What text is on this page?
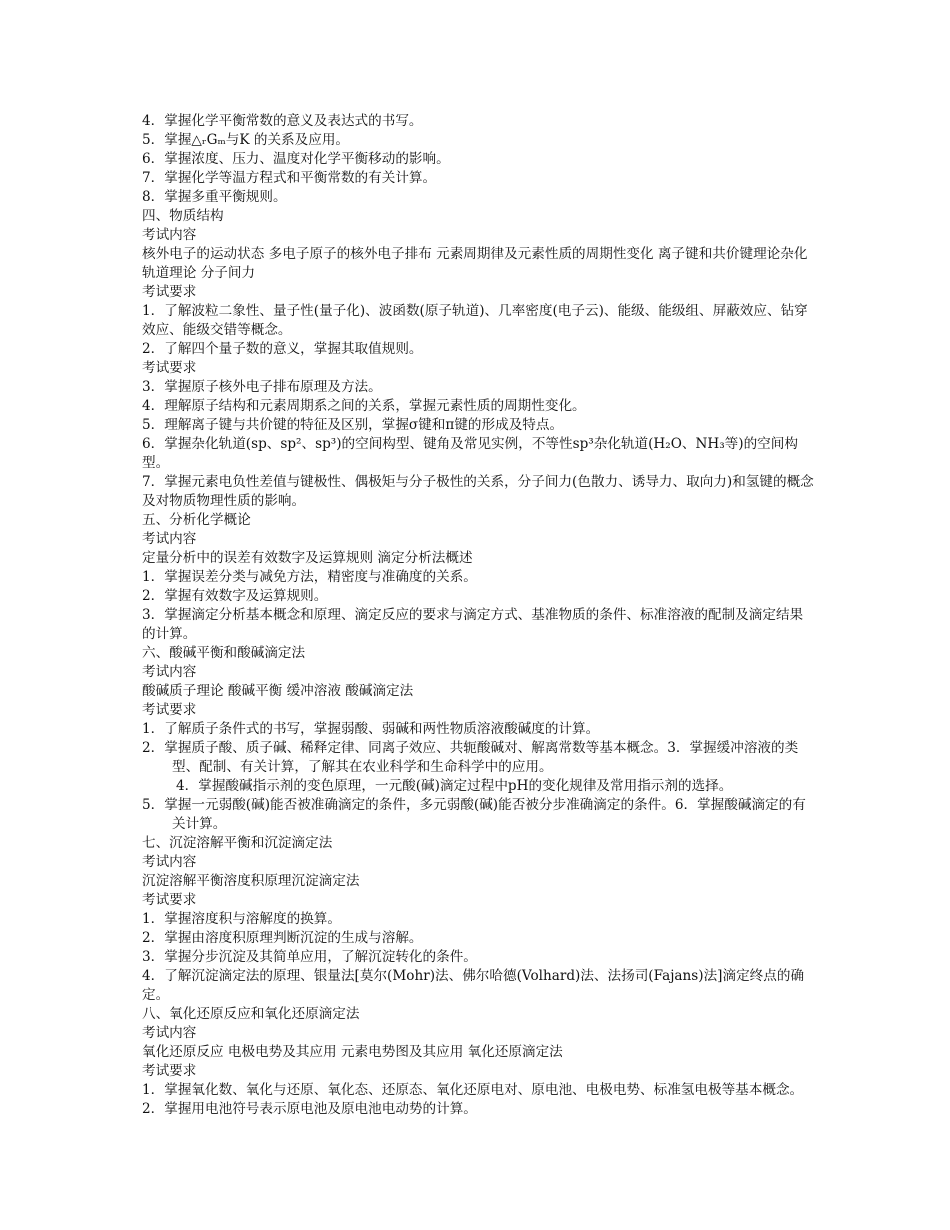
4．掌握化学平衡常数的意义及表达式的书写。
5．掌握△ᵣGₘ与K 的关系及应用。
6．掌握浓度、压力、温度对化学平衡移动的影响。
7．掌握化学等温方程式和平衡常数的有关计算。
8．掌握多重平衡规则。
四、物质结构
考试内容
核外电子的运动状态 多电子原子的核外电子排布 元素周期律及元素性质的周期性变化 离子键和共价键理论杂化轨道理论 分子间力
考试要求
1．了解波粒二象性、量子性(量子化)、波函数(原子轨道)、几率密度(电子云)、能级、能级组、屏蔽效应、钻穿效应、能级交错等概念。
2．了解四个量子数的意义，掌握其取值规则。
考试要求
3．掌握原子核外电子排布原理及方法。
4．理解原子结构和元素周期系之间的关系，掌握元素性质的周期性变化。
5．理解离子键与共价键的特征及区别，掌握σ键和π键的形成及特点。
6．掌握杂化轨道(sp、sp²、sp³)的空间构型、键角及常见实例，不等性sp³杂化轨道(H₂O、NH₃等)的空间构型。
7．掌握元素电负性差值与键极性、偶极矩与分子极性的关系，分子间力(色散力、诱导力、取向力)和氢键的概念及对物质物理性质的影响。
五、分析化学概论
考试内容
定量分析中的误差有效数字及运算规则 滴定分析法概述
1．掌握误差分类与减免方法，精密度与准确度的关系。
2．掌握有效数字及运算规则。
3．掌握滴定分析基本概念和原理、滴定反应的要求与滴定方式、基准物质的条件、标准溶液的配制及滴定结果的计算。
六、酸碱平衡和酸碱滴定法
考试内容
酸碱质子理论 酸碱平衡 缓冲溶液 酸碱滴定法
考试要求
1．了解质子条件式的书写，掌握弱酸、弱碱和两性物质溶液酸碱度的计算。
2．掌握质子酸、质子碱、稀释定律、同离子效应、共轭酸碱对、解离常数等基本概念。3．掌握缓冲溶液的类型、配制、有关计算，了解其在农业科学和生命科学中的应用。
4．掌握酸碱指示剂的变色原理，一元酸(碱)滴定过程中pH的变化规律及常用指示剂的选择。
5．掌握一元弱酸(碱)能否被准确滴定的条件，多元弱酸(碱)能否被分步准确滴定的条件。6．掌握酸碱滴定的有关计算。
七、沉淀溶解平衡和沉淀滴定法
考试内容
沉淀溶解平衡溶度积原理沉淀滴定法
考试要求
1．掌握溶度积与溶解度的换算。
2．掌握由溶度积原理判断沉淀的生成与溶解。
3．掌握分步沉淀及其简单应用，了解沉淀转化的条件。
4．了解沉淀滴定法的原理、银量法[莫尔(Mohr)法、佛尔哈德(Volhard)法、法扬司(Fajans)法]滴定终点的确定。
八、氧化还原反应和氧化还原滴定法
考试内容
氧化还原反应 电极电势及其应用 元素电势图及其应用 氧化还原滴定法
考试要求
1．掌握氧化数、氧化与还原、氧化态、还原态、氧化还原电对、原电池、电极电势、标准氢电极等基本概念。
2．掌握用电池符号表示原电池及原电池电动势的计算。
